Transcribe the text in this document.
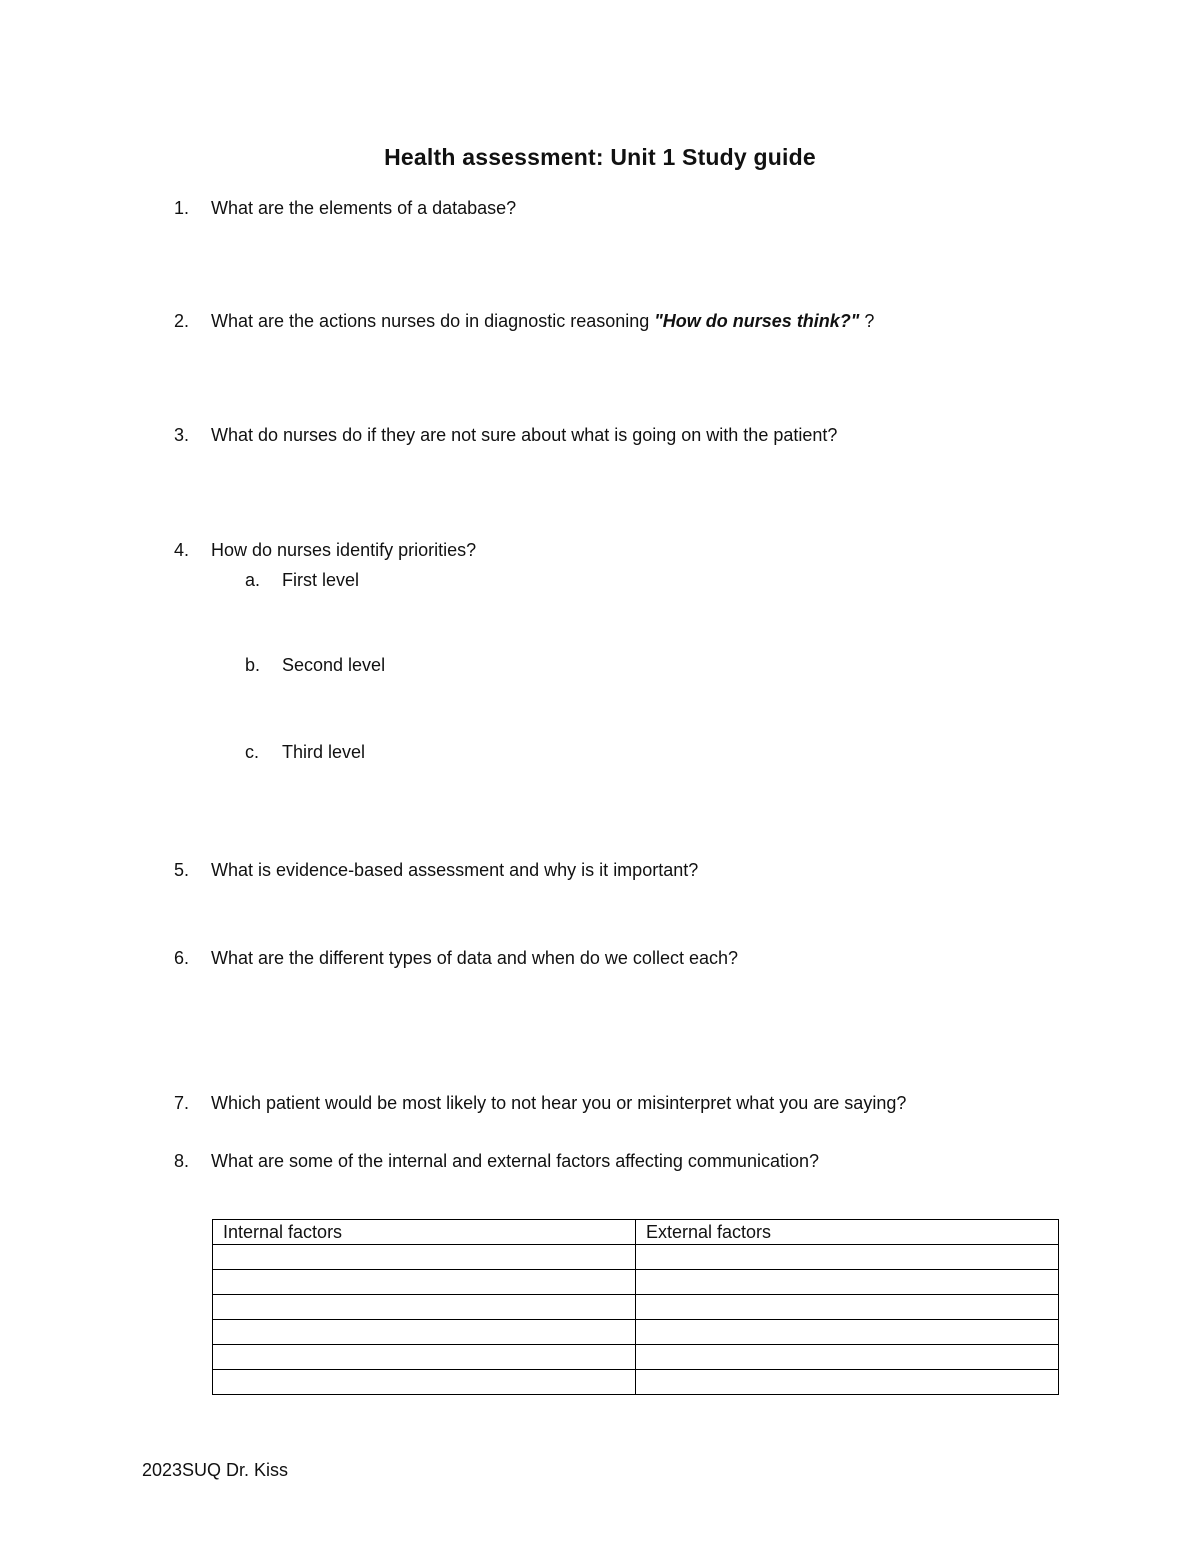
Health assessment: Unit 1 Study guide
1.	What are the elements of a database?
2.	What are the actions nurses do in diagnostic reasoning "How do nurses think?" ?
3.	What do nurses do if they are not sure about what is going on with the patient?
4.	How do nurses identify priorities?
a.	First level
b.	Second level
c.	Third level
5.	What is evidence-based assessment and why is it important?
6.	What are the different types of data and when do we collect each?
7.	Which patient would be most likely to not hear you or misinterpret what you are saying?
8.	What are some of the internal and external factors affecting communication?
Internal factors	External factors

2023SUQ Dr. Kiss
